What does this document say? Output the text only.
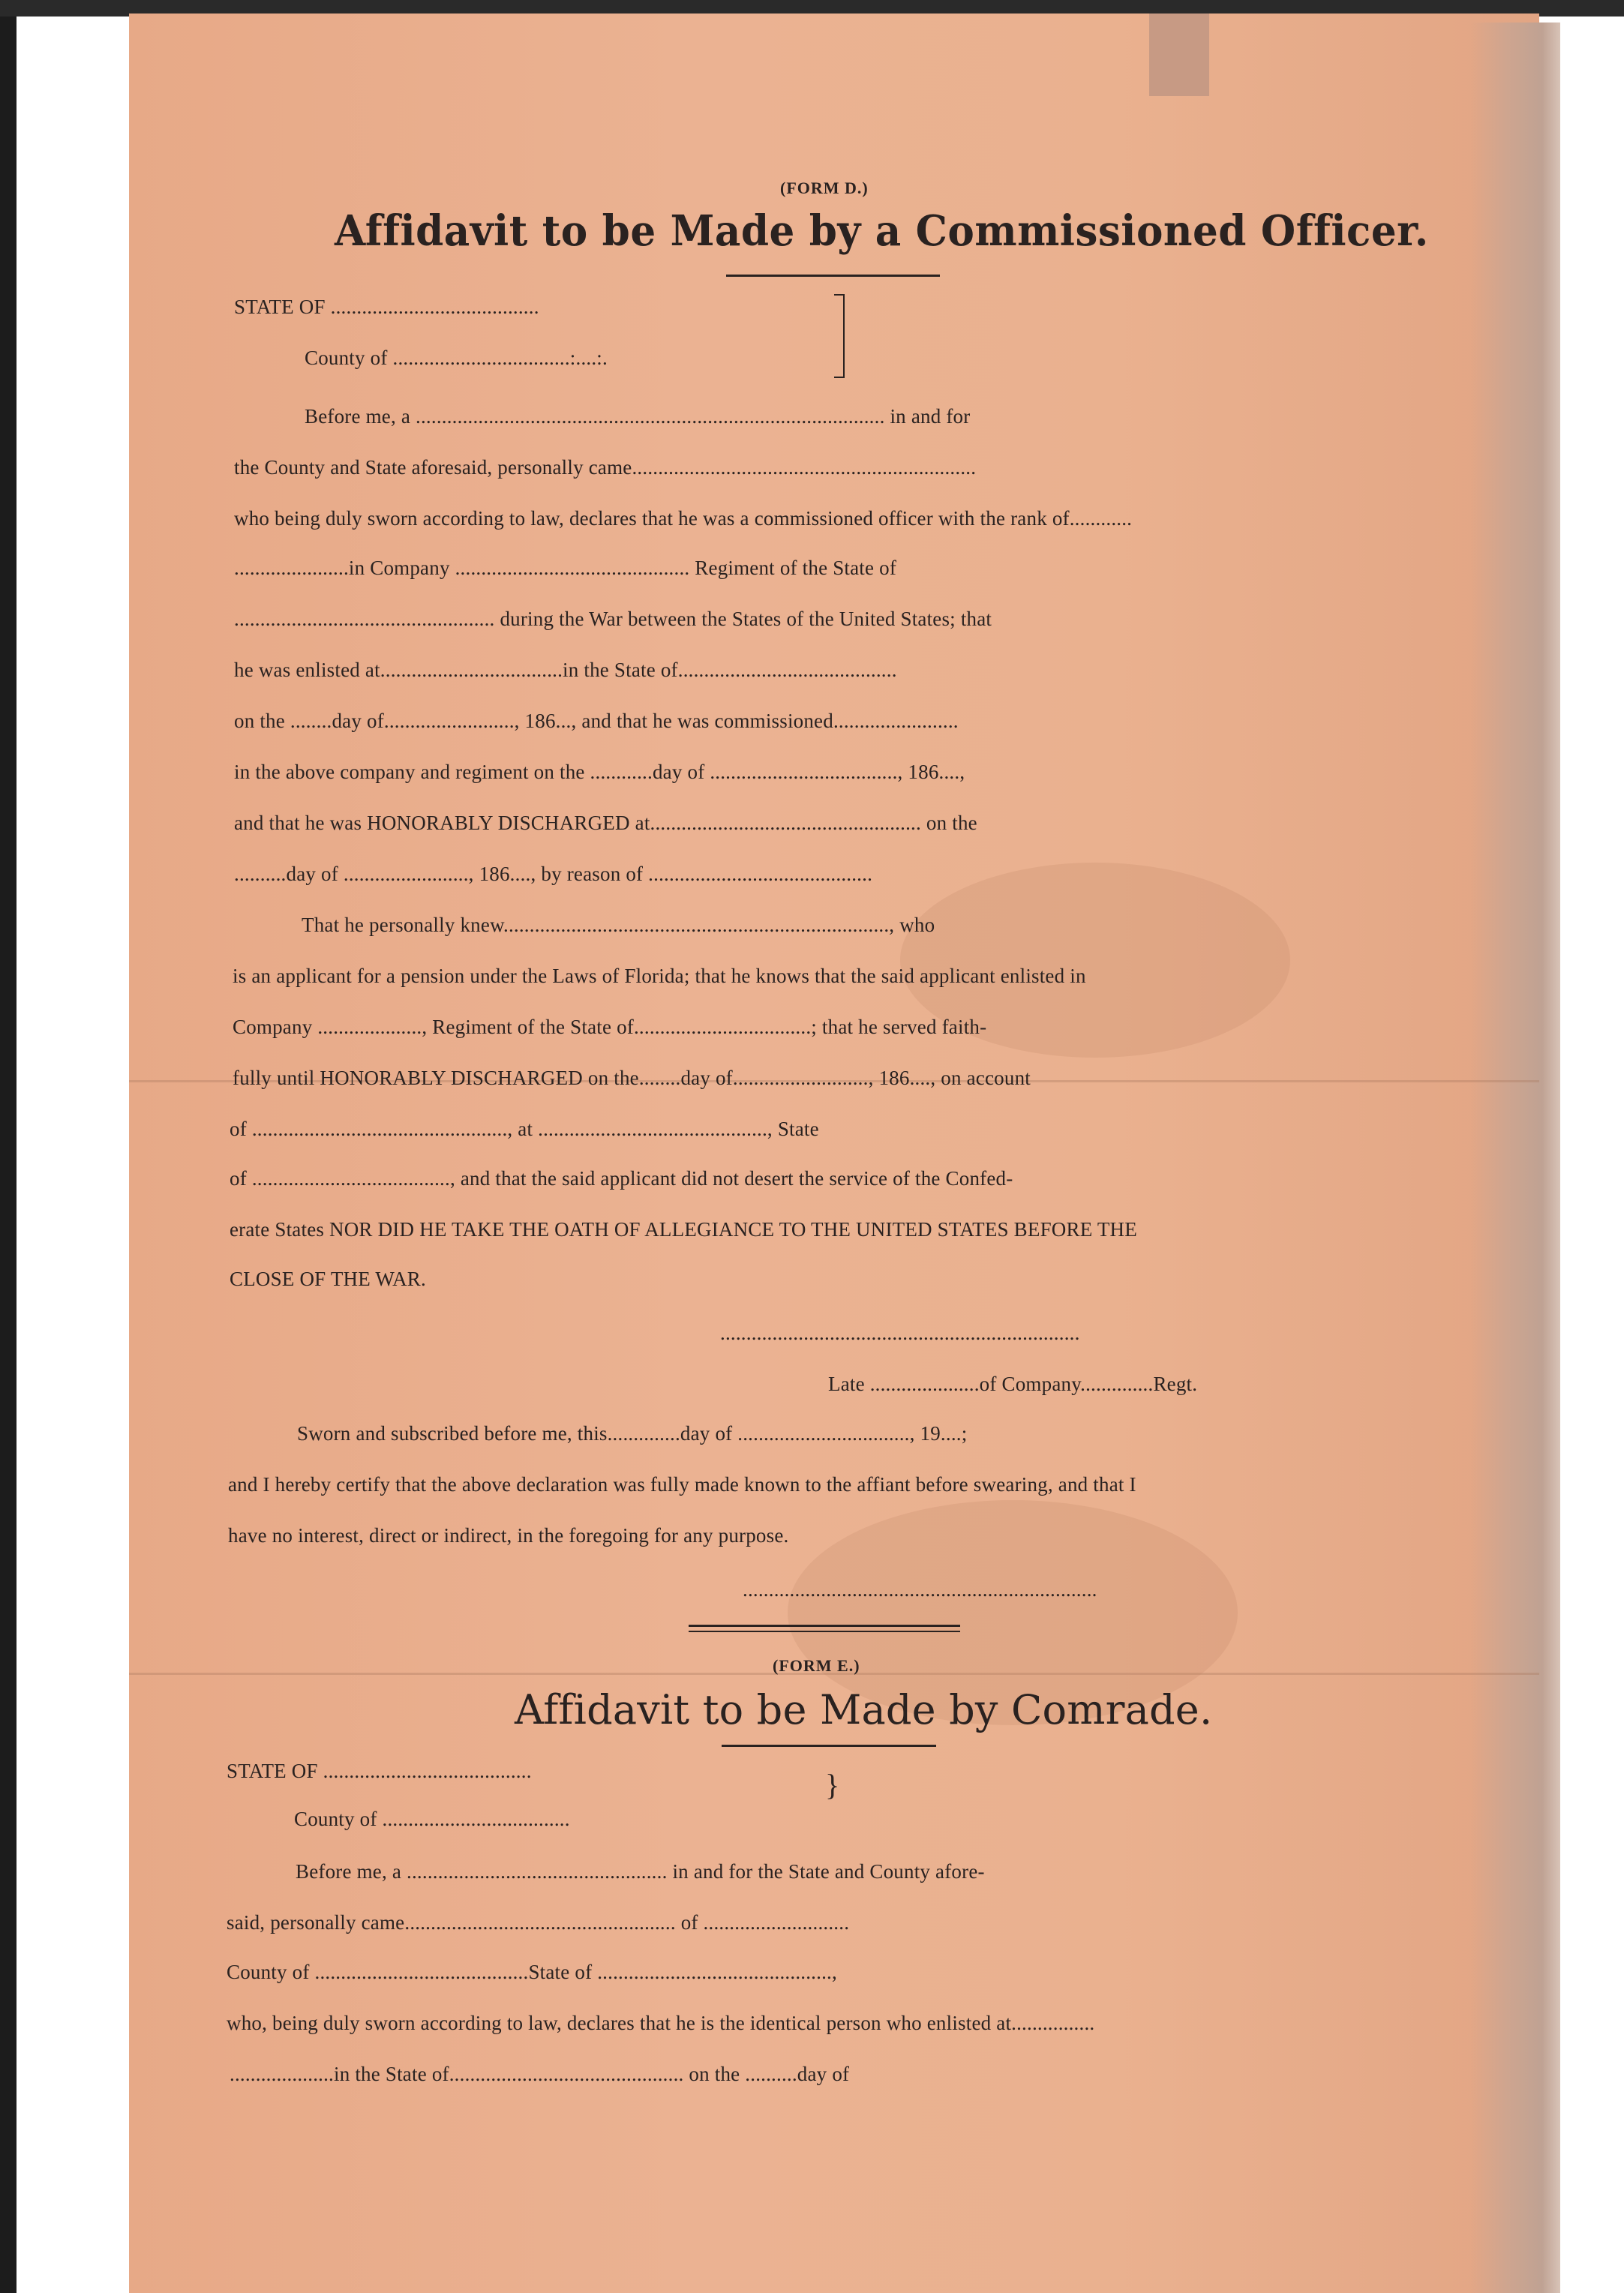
(FORM D.)
Affidavit to be Made by a Commissioned Officer.
STATE OF ........................................
County of ..................................:....:.
Before me, a .......................................................................................... in and for
the County and State aforesaid, personally came..................................................................
who being duly sworn according to law, declares that he was a commissioned officer with the rank of............
......................in Company ............................................. Regiment of the State of
.................................................. during the War between the States of the United States; that
he was enlisted at...................................in the State of..........................................
on the ........day of........................., 186..., and that he was commissioned........................
in the above company and regiment on the ............day of ...................................., 186....,
and that he was HONORABLY DISCHARGED at.................................................... on the
..........day of ........................, 186...., by reason of ...........................................
That he personally knew.........................................................................., who
is an applicant for a pension under the Laws of Florida; that he knows that the said applicant enlisted in
Company ...................., Regiment of the State of..................................; that he served faith-
fully until HONORABLY DISCHARGED on the........day of.........................., 186...., on account
of ................................................., at ............................................, State
of ......................................, and that the said applicant did not desert the service of the Confed-
erate States NOR DID HE TAKE THE OATH OF ALLEGIANCE TO THE UNITED STATES BEFORE THE
CLOSE OF THE WAR.
.....................................................................
Late .....................of Company..............Regt.
Sworn and subscribed before me, this..............day of ................................., 19....;
and I hereby certify that the above declaration was fully made known to the affiant before swearing, and that I
have no interest, direct or indirect, in the foregoing for any purpose.
....................................................................
(FORM E.)
Affidavit to be Made by Comrade.
STATE OF ........................................
County of ....................................
}
Before me, a .................................................. in and for the State and County afore-
said, personally came.................................................... of ............................
County of .........................................State of .............................................,
who, being duly sworn according to law, declares that he is the identical person who enlisted at................
....................in the State of............................................. on the ..........day of
